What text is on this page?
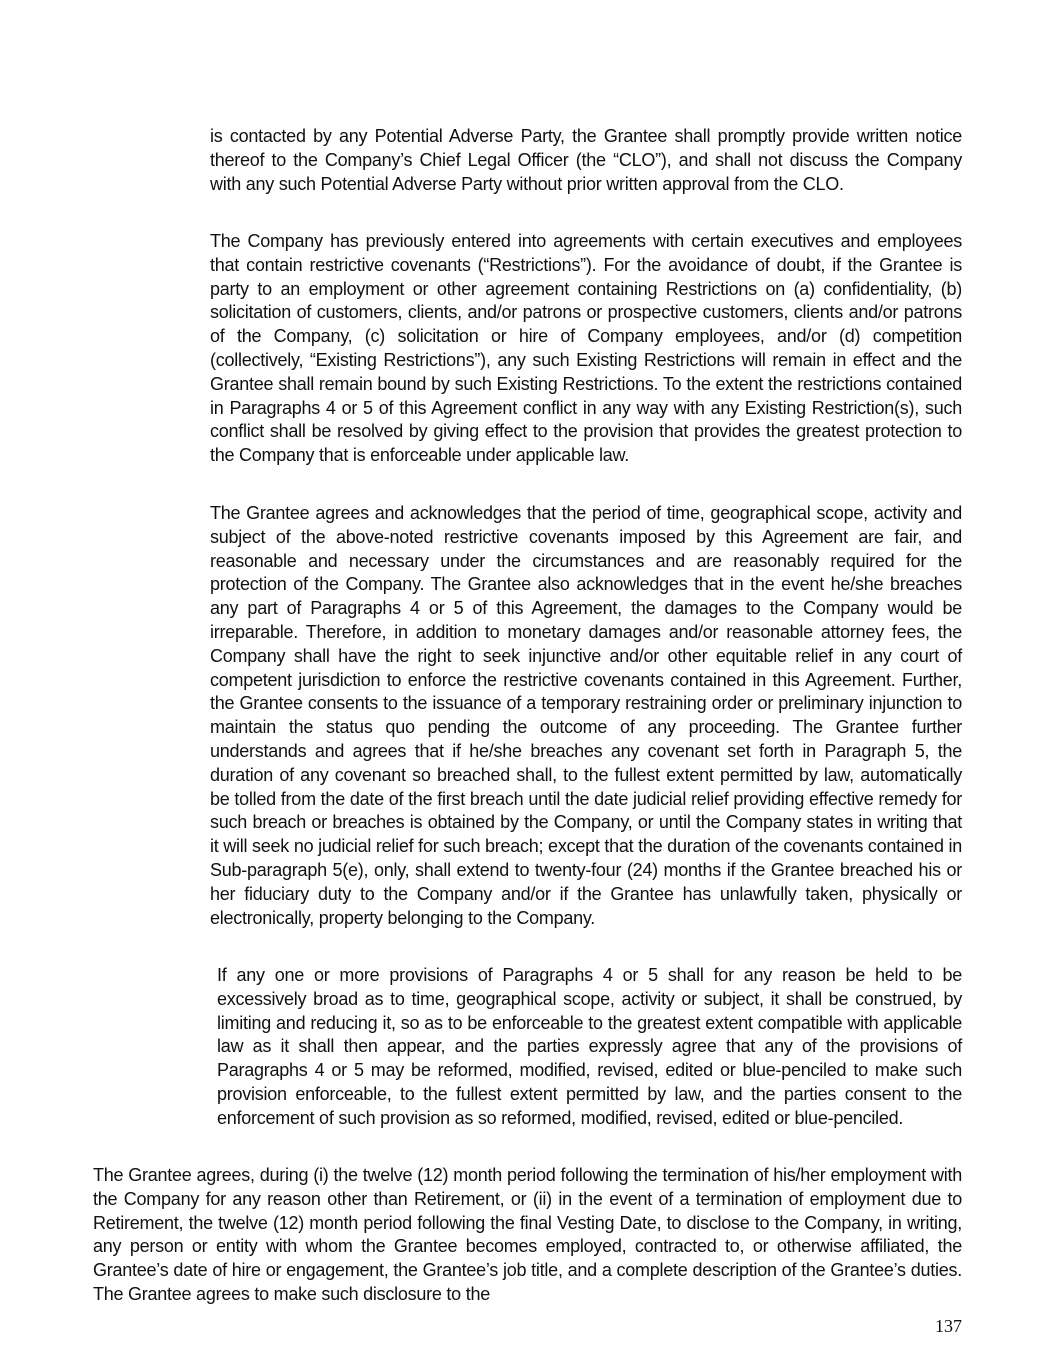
is contacted by any Potential Adverse Party, the Grantee shall promptly provide written notice thereof to the Company’s Chief Legal Officer (the “CLO”), and shall not discuss the Company with any such Potential Adverse Party without prior written approval from the CLO.

The Company has previously entered into agreements with certain executives and employees that contain restrictive covenants (“Restrictions”). For the avoidance of doubt, if the Grantee is party to an employment or other agreement containing Restrictions on (a) confidentiality, (b) solicitation of customers, clients, and/or patrons or prospective customers, clients and/or patrons of the Company, (c) solicitation or hire of Company employees, and/or (d) competition (collectively, “Existing Restrictions”), any such Existing Restrictions will remain in effect and the Grantee shall remain bound by such Existing Restrictions. To the extent the restrictions contained in Paragraphs 4 or 5 of this Agreement conflict in any way with any Existing Restriction(s), such conflict shall be resolved by giving effect to the provision that provides the greatest protection to the Company that is enforceable under applicable law.

The Grantee agrees and acknowledges that the period of time, geographical scope, activity and subject of the above-noted restrictive covenants imposed by this Agreement are fair, and reasonable and necessary under the circumstances and are reasonably required for the protection of the Company. The Grantee also acknowledges that in the event he/she breaches any part of Paragraphs 4 or 5 of this Agreement, the damages to the Company would be irreparable. Therefore, in addition to monetary damages and/or reasonable attorney fees, the Company shall have the right to seek injunctive and/or other equitable relief in any court of competent jurisdiction to enforce the restrictive covenants contained in this Agreement. Further, the Grantee consents to the issuance of a temporary restraining order or preliminary injunction to maintain the status quo pending the outcome of any proceeding. The Grantee further understands and agrees that if he/she breaches any covenant set forth in Paragraph 5, the duration of any covenant so breached shall, to the fullest extent permitted by law, automatically be tolled from the date of the first breach until the date judicial relief providing effective remedy for such breach or breaches is obtained by the Company, or until the Company states in writing that it will seek no judicial relief for such breach; except that the duration of the covenants contained in Sub-paragraph 5(e), only, shall extend to twenty-four (24) months if the Grantee breached his or her fiduciary duty to the Company and/or if the Grantee has unlawfully taken, physically or electronically, property belonging to the Company.

If any one or more provisions of Paragraphs 4 or 5 shall for any reason be held to be excessively broad as to time, geographical scope, activity or subject, it shall be construed, by limiting and reducing it, so as to be enforceable to the greatest extent compatible with applicable law as it shall then appear, and the parties expressly agree that any of the provisions of Paragraphs 4 or 5 may be reformed, modified, revised, edited or blue-penciled to make such provision enforceable, to the fullest extent permitted by law, and the parties consent to the enforcement of such provision as so reformed, modified, revised, edited or blue-penciled.

The Grantee agrees, during (i) the twelve (12) month period following the termination of his/her employment with the Company for any reason other than Retirement, or (ii) in the event of a termination of employment due to Retirement, the twelve (12) month period following the final Vesting Date, to disclose to the Company, in writing, any person or entity with whom the Grantee becomes employed, contracted to, or otherwise affiliated, the Grantee’s date of hire or engagement, the Grantee’s job title, and a complete description of the Grantee’s duties. The Grantee agrees to make such disclosure to the

137
